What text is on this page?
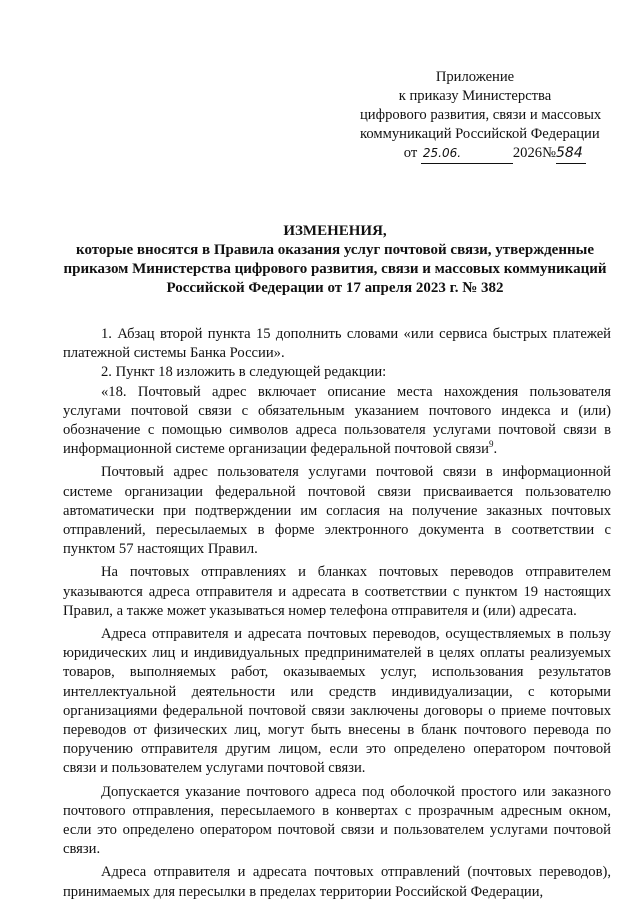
Приложение
к приказу Министерства
цифрового развития, связи и массовых
коммуникаций Российской Федерации
от 25.06.	2026№584
ИЗМЕНЕНИЯ,
которые вносятся в Правила оказания услуг почтовой связи, утвержденные
приказом Министерства цифрового развития, связи и массовых коммуникаций
Российской Федерации от 17 апреля 2023 г. № 382

1. Абзац второй пункта 15 дополнить словами «или сервиса быстрых платежей платежной системы Банка России».

2. Пункт 18 изложить в следующей редакции:

«18. Почтовый адрес включает описание места нахождения пользователя услугами почтовой связи с обязательным указанием почтового индекса и (или) обозначение с помощью символов адреса пользователя услугами почтовой связи в информационной системе организации федеральной почтовой связи$^9$.

Почтовый адрес пользователя услугами почтовой связи в информационной системе организации федеральной почтовой связи присваивается пользователю автоматически при подтверждении им согласия на получение заказных почтовых отправлений, пересылаемых в форме электронного документа в соответствии с пунктом 57 настоящих Правил.

На почтовых отправлениях и бланках почтовых переводов отправителем указываются адреса отправителя и адресата в соответствии с пунктом 19 настоящих Правил, а также может указываться номер телефона отправителя и (или) адресата.

Адреса отправителя и адресата почтовых переводов, осуществляемых в пользу юридических лиц и индивидуальных предпринимателей в целях оплаты реализуемых товаров, выполняемых работ, оказываемых услуг, использования результатов интеллектуальной деятельности или средств индивидуализации, с которыми организациями федеральной почтовой связи заключены договоры о приеме почтовых переводов от физических лиц, могут быть внесены в бланк почтового перевода по поручению отправителя другим лицом, если это определено оператором почтовой связи и пользователем услугами почтовой связи.

Допускается указание почтового адреса под оболочкой простого или заказного почтового отправления, пересылаемого в конвертах с прозрачным адресным окном, если это определено оператором почтовой связи и пользователем услугами почтовой связи.

Адреса отправителя и адресата почтовых отправлений (почтовых переводов), принимаемых для пересылки в пределах территории Российской Федерации,
